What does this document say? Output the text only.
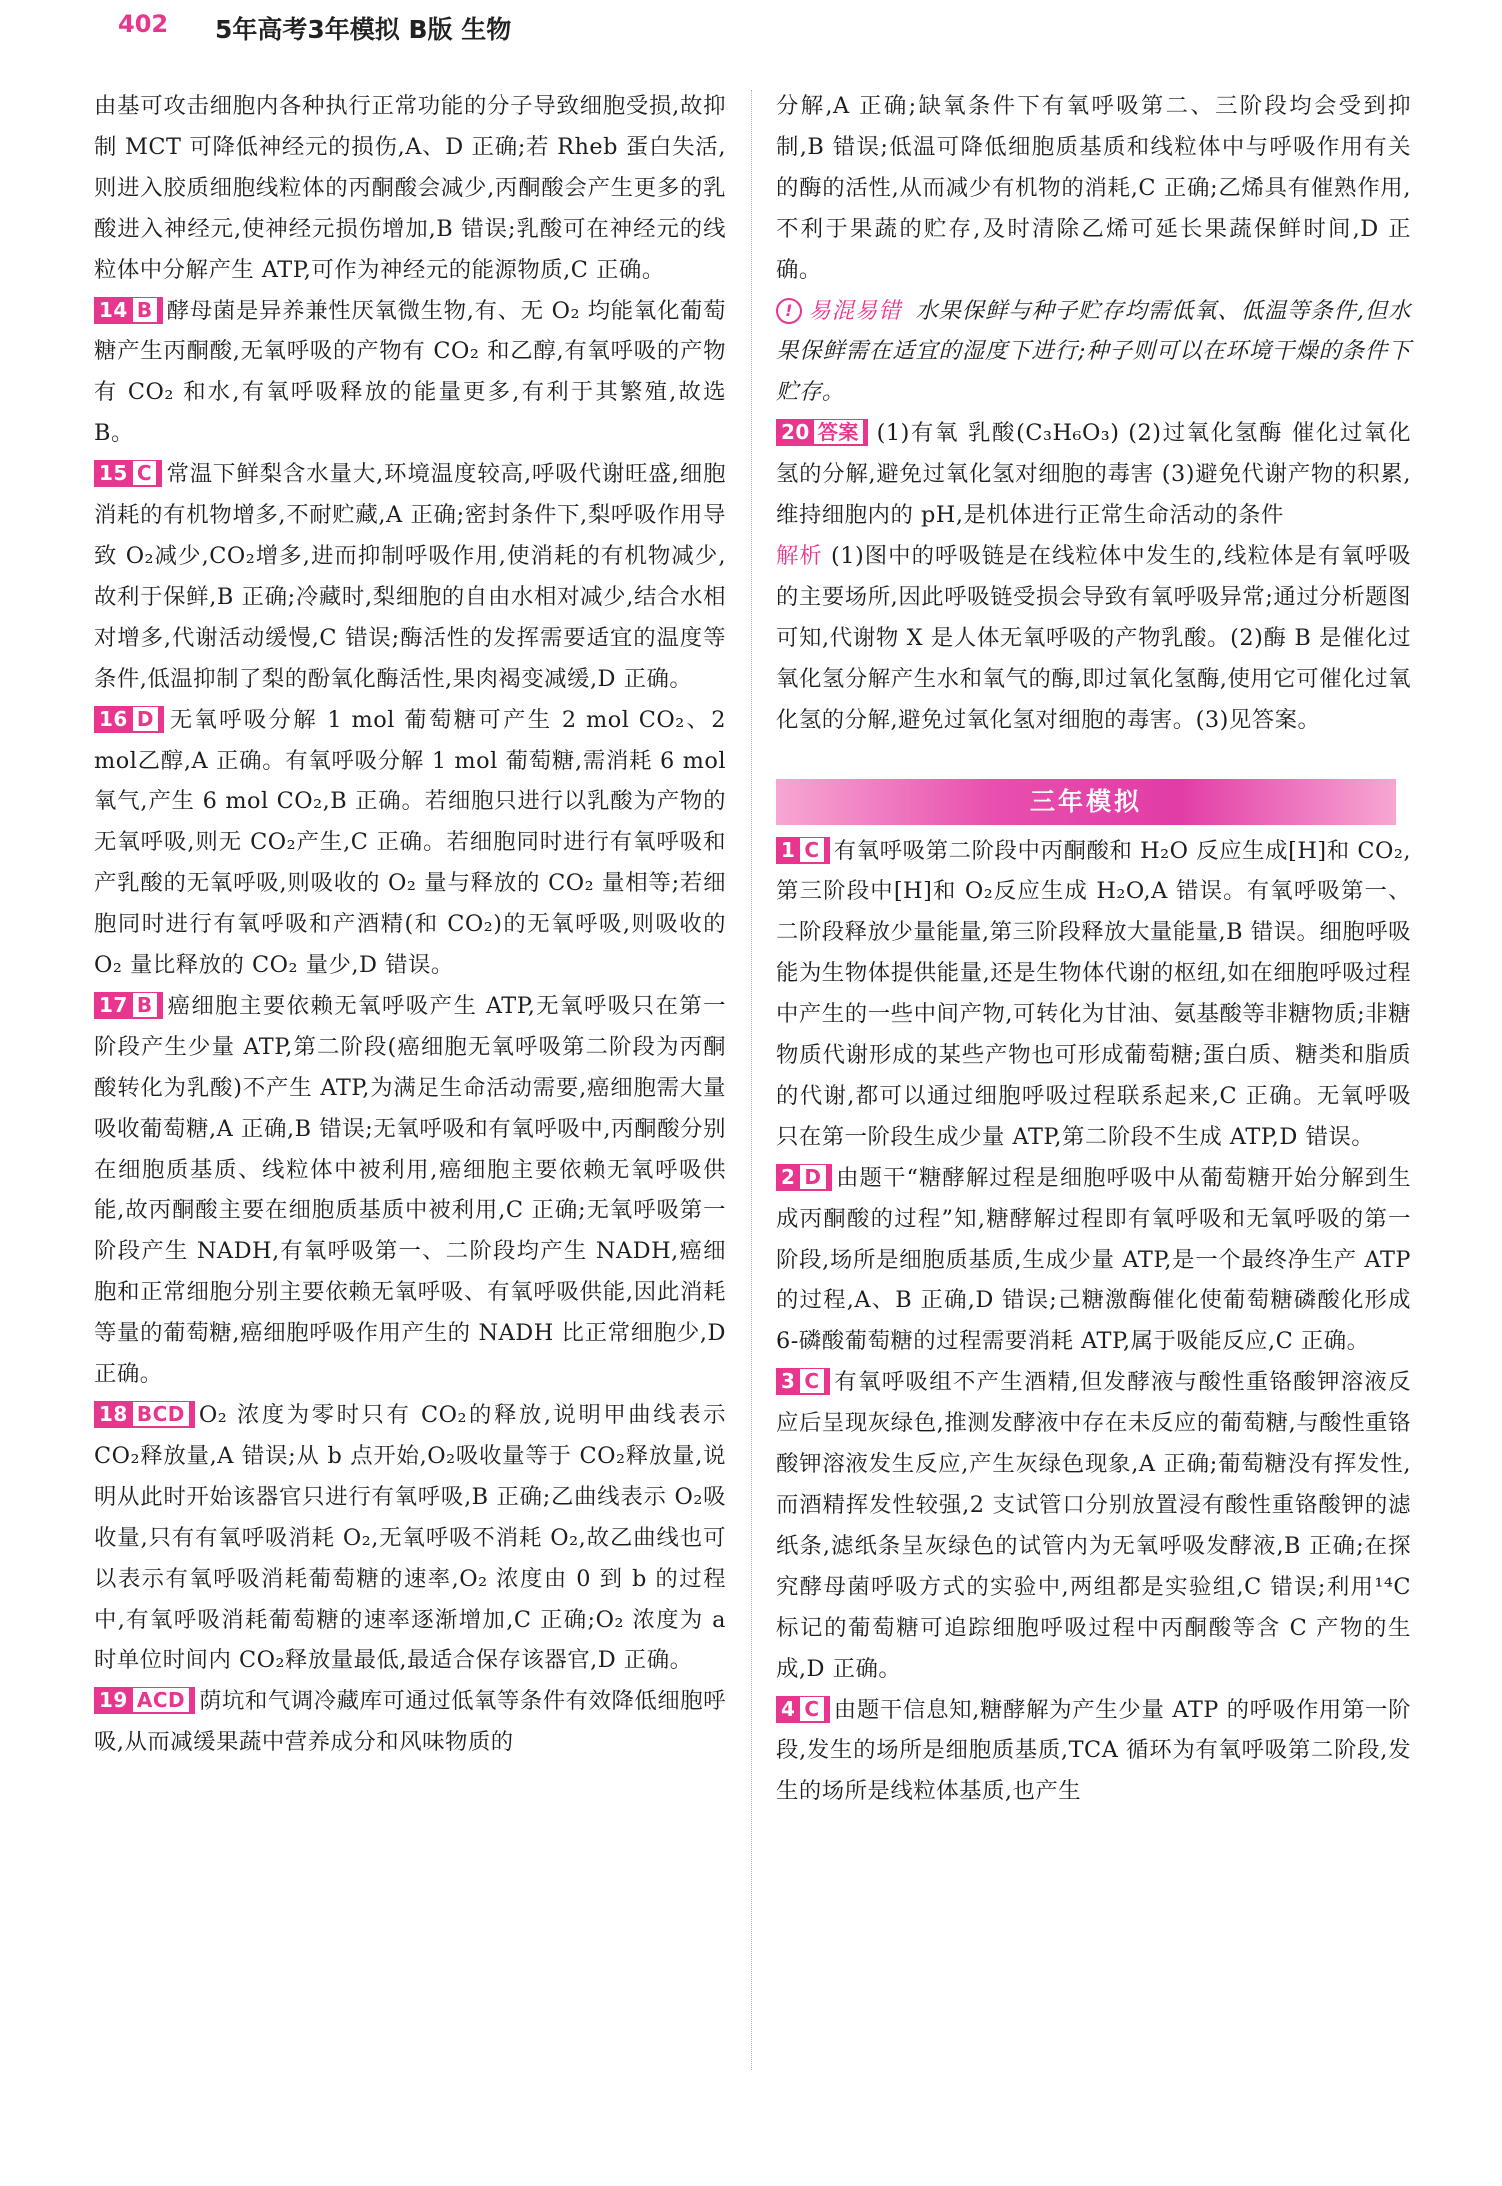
402 5年高考3年模拟 B版 生物

由基可攻击细胞内各种执行正常功能的分子导致细胞受损,故抑制 MCT 可降低神经元的损伤,A、D 正确;若 Rheb 蛋白失活,则进入胶质细胞线粒体的丙酮酸会减少,丙酮酸会产生更多的乳酸进入神经元,使神经元损伤增加,B 错误;乳酸可在神经元的线粒体中分解产生 ATP,可作为神经元的能源物质,C 正确。

14 B 酵母菌是异养兼性厌氧微生物,有、无 O₂ 均能氧化葡萄糖产生丙酮酸,无氧呼吸的产物有 CO₂ 和乙醇,有氧呼吸的产物有 CO₂ 和水,有氧呼吸释放的能量更多,有利于其繁殖,故选 B。

15 C 常温下鲜梨含水量大,环境温度较高,呼吸代谢旺盛,细胞消耗的有机物增多,不耐贮藏,A 正确;密封条件下,梨呼吸作用导致 O₂减少,CO₂增多,进而抑制呼吸作用,使消耗的有机物减少,故利于保鲜,B 正确;冷藏时,梨细胞的自由水相对减少,结合水相对增多,代谢活动缓慢,C 错误;酶活性的发挥需要适宜的温度等条件,低温抑制了梨的酚氧化酶活性,果肉褐变减缓,D 正确。

16 D 无氧呼吸分解 1 mol 葡萄糖可产生 2 mol CO₂、2 mol乙醇,A 正确。有氧呼吸分解 1 mol 葡萄糖,需消耗 6 mol 氧气,产生 6 mol CO₂,B 正确。若细胞只进行以乳酸为产物的无氧呼吸,则无 CO₂产生,C 正确。若细胞同时进行有氧呼吸和产乳酸的无氧呼吸,则吸收的 O₂ 量与释放的 CO₂ 量相等;若细胞同时进行有氧呼吸和产酒精(和 CO₂)的无氧呼吸,则吸收的 O₂ 量比释放的 CO₂ 量少,D 错误。

17 B 癌细胞主要依赖无氧呼吸产生 ATP,无氧呼吸只在第一阶段产生少量 ATP,第二阶段(癌细胞无氧呼吸第二阶段为丙酮酸转化为乳酸)不产生 ATP,为满足生命活动需要,癌细胞需大量吸收葡萄糖,A 正确,B 错误;无氧呼吸和有氧呼吸中,丙酮酸分别在细胞质基质、线粒体中被利用,癌细胞主要依赖无氧呼吸供能,故丙酮酸主要在细胞质基质中被利用,C 正确;无氧呼吸第一阶段产生 NADH,有氧呼吸第一、二阶段均产生 NADH,癌细胞和正常细胞分别主要依赖无氧呼吸、有氧呼吸供能,因此消耗等量的葡萄糖,癌细胞呼吸作用产生的 NADH 比正常细胞少,D 正确。

18 BCD O₂ 浓度为零时只有 CO₂的释放,说明甲曲线表示 CO₂释放量,A 错误;从 b 点开始,O₂吸收量等于 CO₂释放量,说明从此时开始该器官只进行有氧呼吸,B 正确;乙曲线表示 O₂吸收量,只有有氧呼吸消耗 O₂,无氧呼吸不消耗 O₂,故乙曲线也可以表示有氧呼吸消耗葡萄糖的速率,O₂ 浓度由 0 到 b 的过程中,有氧呼吸消耗葡萄糖的速率逐渐增加,C 正确;O₂ 浓度为 a 时单位时间内 CO₂释放量最低,最适合保存该器官,D 正确。

19 ACD 荫坑和气调冷藏库可通过低氧等条件有效降低细胞呼吸,从而减缓果蔬中营养成分和风味物质的

分解,A 正确;缺氧条件下有氧呼吸第二、三阶段均会受到抑制,B 错误;低温可降低细胞质基质和线粒体中与呼吸作用有关的酶的活性,从而减少有机物的消耗,C 正确;乙烯具有催熟作用,不利于果蔬的贮存,及时清除乙烯可延长果蔬保鲜时间,D 正确。

! 易混易错 水果保鲜与种子贮存均需低氧、低温等条件,但水果保鲜需在适宜的湿度下进行;种子则可以在环境干燥的条件下贮存。

20 答案 (1)有氧 乳酸(C₃H₆O₃) (2)过氧化氢酶 催化过氧化氢的分解,避免过氧化氢对细胞的毒害 (3)避免代谢产物的积累,维持细胞内的 pH,是机体进行正常生命活动的条件

解析 (1)图中的呼吸链是在线粒体中发生的,线粒体是有氧呼吸的主要场所,因此呼吸链受损会导致有氧呼吸异常;通过分析题图可知,代谢物 X 是人体无氧呼吸的产物乳酸。(2)酶 B 是催化过氧化氢分解产生水和氧气的酶,即过氧化氢酶,使用它可催化过氧化氢的分解,避免过氧化氢对细胞的毒害。(3)见答案。

三年模拟

1 C 有氧呼吸第二阶段中丙酮酸和 H₂O 反应生成[H]和 CO₂,第三阶段中[H]和 O₂反应生成 H₂O,A 错误。有氧呼吸第一、二阶段释放少量能量,第三阶段释放大量能量,B 错误。细胞呼吸能为生物体提供能量,还是生物体代谢的枢纽,如在细胞呼吸过程中产生的一些中间产物,可转化为甘油、氨基酸等非糖物质;非糖物质代谢形成的某些产物也可形成葡萄糖;蛋白质、糖类和脂质的代谢,都可以通过细胞呼吸过程联系起来,C 正确。无氧呼吸只在第一阶段生成少量 ATP,第二阶段不生成 ATP,D 错误。

2 D 由题干“糖酵解过程是细胞呼吸中从葡萄糖开始分解到生成丙酮酸的过程”知,糖酵解过程即有氧呼吸和无氧呼吸的第一阶段,场所是细胞质基质,生成少量 ATP,是一个最终净生产 ATP 的过程,A、B 正确,D 错误;己糖激酶催化使葡萄糖磷酸化形成 6-磷酸葡萄糖的过程需要消耗 ATP,属于吸能反应,C 正确。

3 C 有氧呼吸组不产生酒精,但发酵液与酸性重铬酸钾溶液反应后呈现灰绿色,推测发酵液中存在未反应的葡萄糖,与酸性重铬酸钾溶液发生反应,产生灰绿色现象,A 正确;葡萄糖没有挥发性,而酒精挥发性较强,2 支试管口分别放置浸有酸性重铬酸钾的滤纸条,滤纸条呈灰绿色的试管内为无氧呼吸发酵液,B 正确;在探究酵母菌呼吸方式的实验中,两组都是实验组,C 错误;利用¹⁴C 标记的葡萄糖可追踪细胞呼吸过程中丙酮酸等含 C 产物的生成,D 正确。

4 C 由题干信息知,糖酵解为产生少量 ATP 的呼吸作用第一阶段,发生的场所是细胞质基质,TCA 循环为有氧呼吸第二阶段,发生的场所是线粒体基质,也产生
